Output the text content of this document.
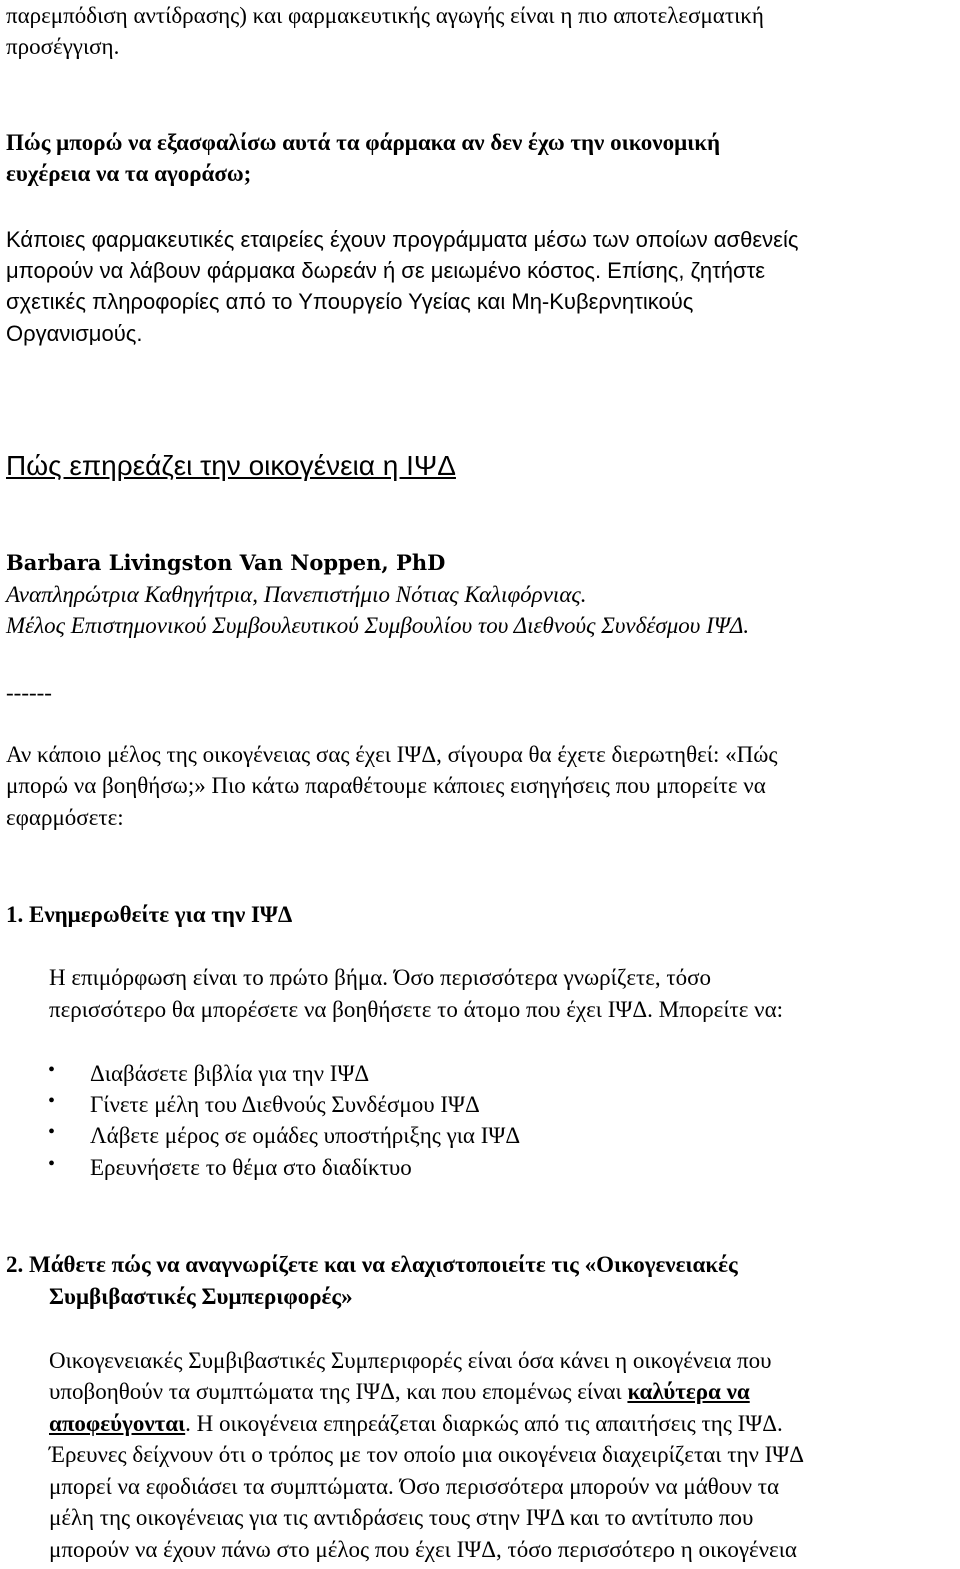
παρεμπόδιση αντίδρασης) και φαρμακευτικής αγωγής είναι η πιο αποτελεσματική
προσέγγιση.
Πώς μπορώ να εξασφαλίσω αυτά τα φάρμακα αν δεν έχω την οικονομική
ευχέρεια να τα αγοράσω;
Κάποιες φαρμακευτικές εταιρείες έχουν προγράμματα μέσω των οποίων ασθενείς
μπορούν να λάβουν φάρμακα δωρεάν ή σε μειωμένο κόστος. Επίσης, ζητήστε
σχετικές πληροφορίες από το Υπουργείο Υγείας και Μη-Κυβερνητικούς
Οργανισμούς.
Πώς επηρεάζει την οικογένεια η ΙΨΔ
Barbara Livingston Van Noppen, PhD
Αναπληρώτρια Καθηγήτρια, Πανεπιστήμιο Νότιας Καλιφόρνιας.
Μέλος Επιστημονικού Συμβουλευτικού Συμβουλίου του Διεθνούς Συνδέσμου ΙΨΔ.
------
Αν κάποιο μέλος της οικογένειας σας έχει ΙΨΔ, σίγουρα θα έχετε διερωτηθεί: «Πώς
μπορώ να βοηθήσω;» Πιο κάτω παραθέτουμε κάποιες εισηγήσεις που μπορείτε να
εφαρμόσετε:
1. Ενημερωθείτε για την ΙΨΔ
Η επιμόρφωση είναι το πρώτο βήμα. Όσο περισσότερα γνωρίζετε, τόσο
περισσότερο θα μπορέσετε να βοηθήσετε το άτομο που έχει ΙΨΔ. Μπορείτε να:
• Διαβάσετε βιβλία για την ΙΨΔ
• Γίνετε μέλη του Διεθνούς Συνδέσμου ΙΨΔ
• Λάβετε μέρος σε ομάδες υποστήριξης για ΙΨΔ
• Ερευνήσετε το θέμα στο διαδίκτυο
2. Μάθετε πώς να αναγνωρίζετε και να ελαχιστοποιείτε τις «Οικογενειακές
Συμβιβαστικές Συμπεριφορές»
Οικογενειακές Συμβιβαστικές Συμπεριφορές είναι όσα κάνει η οικογένεια που
υποβοηθούν τα συμπτώματα της ΙΨΔ, και που επομένως είναι καλύτερα να
αποφεύγονται. Η οικογένεια επηρεάζεται διαρκώς από τις απαιτήσεις της ΙΨΔ.
Έρευνες δείχνουν ότι ο τρόπος με τον οποίο μια οικογένεια διαχειρίζεται την ΙΨΔ
μπορεί να εφοδιάσει τα συμπτώματα. Όσο περισσότερα μπορούν να μάθουν τα
μέλη της οικογένειας για τις αντιδράσεις τους στην ΙΨΔ και το αντίτυπο που
μπορούν να έχουν πάνω στο μέλος που έχει ΙΨΔ, τόσο περισσότερο η οικογένεια
